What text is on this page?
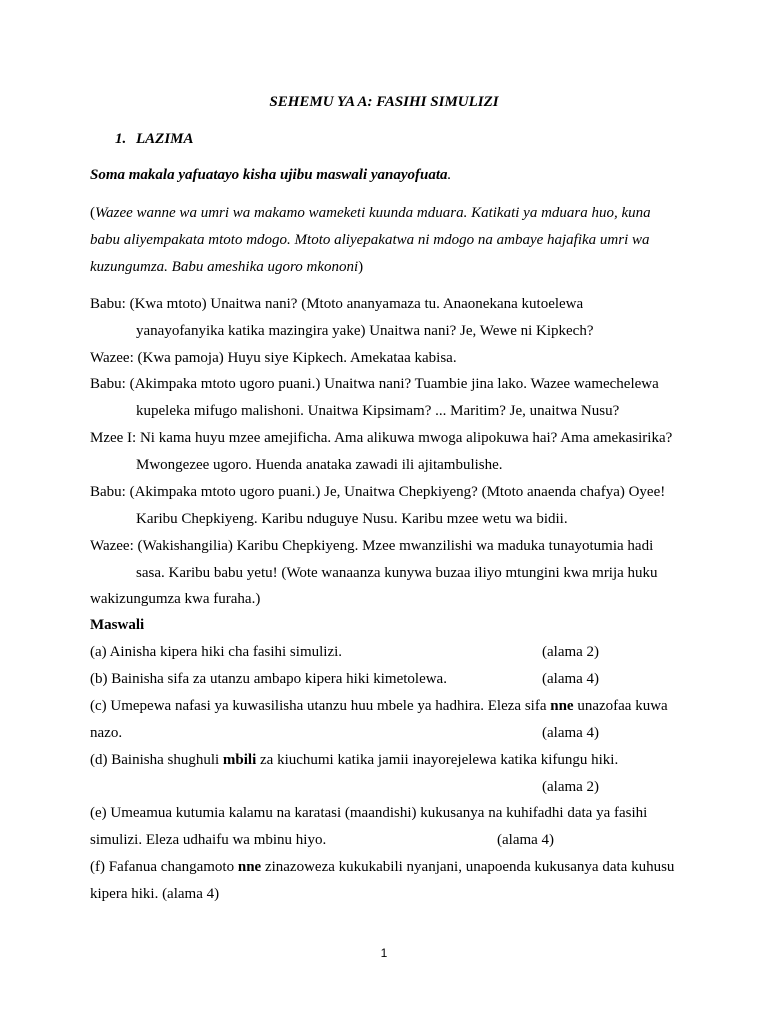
SEHEMU YA A: FASIHI SIMULIZI
1. LAZIMA
Soma makala yafuatayo kisha ujibu maswali yanayofuata.
(Wazee wanne wa umri wa makamo wameketi kuunda mduara. Katikati ya mduara huo, kuna
babu aliyempakata mtoto mdogo. Mtoto aliyepakatwa ni mdogo na ambaye hajafika umri wa
kuzungumza. Babu ameshika ugoro mkononi)
Babu: (Kwa mtoto) Unaitwa nani? (Mtoto ananyamaza tu. Anaonekana kutoelewa
yanayofanyika katika mazingira yake) Unaitwa nani? Je, Wewe ni Kipkech?
Wazee: (Kwa pamoja) Huyu siye Kipkech. Amekataa kabisa.
Babu: (Akimpaka mtoto ugoro puani.) Unaitwa nani? Tuambie jina lako. Wazee wamechelewa
kupeleka mifugo malishoni. Unaitwa Kipsimam? ... Maritim? Je, unaitwa Nusu?
Mzee I: Ni kama huyu mzee amejificha. Ama alikuwa mwoga alipokuwa hai? Ama amekasirika?
Mwongezee ugoro. Huenda anataka zawadi ili ajitambulishe.
Babu: (Akimpaka mtoto ugoro puani.) Je, Unaitwa Chepkiyeng? (Mtoto anaenda chafya) Oyee!
Karibu Chepkiyeng. Karibu nduguye Nusu. Karibu mzee wetu wa bidii.
Wazee: (Wakishangilia) Karibu Chepkiyeng. Mzee mwanzilishi wa maduka tunayotumia hadi
sasa. Karibu babu yetu! (Wote wanaanza kunywa buzaa iliyo mtungini kwa mrija huku
wakizungumza kwa furaha.)
Maswali
(a) Ainisha kipera hiki cha fasihi simulizi.	(alama 2)
(b) Bainisha sifa za utanzu ambapo kipera hiki kimetolewa.	(alama 4)
(c) Umepewa nafasi ya kuwasilisha utanzu huu mbele ya hadhira. Eleza sifa nne unazofaa kuwa
nazo.	(alama 4)
(d) Bainisha shughuli mbili za kiuchumi katika jamii inayorejelewa katika kifungu hiki.
(alama 2)
(e) Umeamua kutumia kalamu na karatasi (maandishi) kukusanya na kuhifadhi data ya fasihi
simulizi. Eleza udhaifu wa mbinu hiyo.	(alama 4)
(f) Fafanua changamoto nne zinazoweza kukukabili nyanjani, unapoenda kukusanya data kuhusu
kipera hiki. (alama 4)
1
